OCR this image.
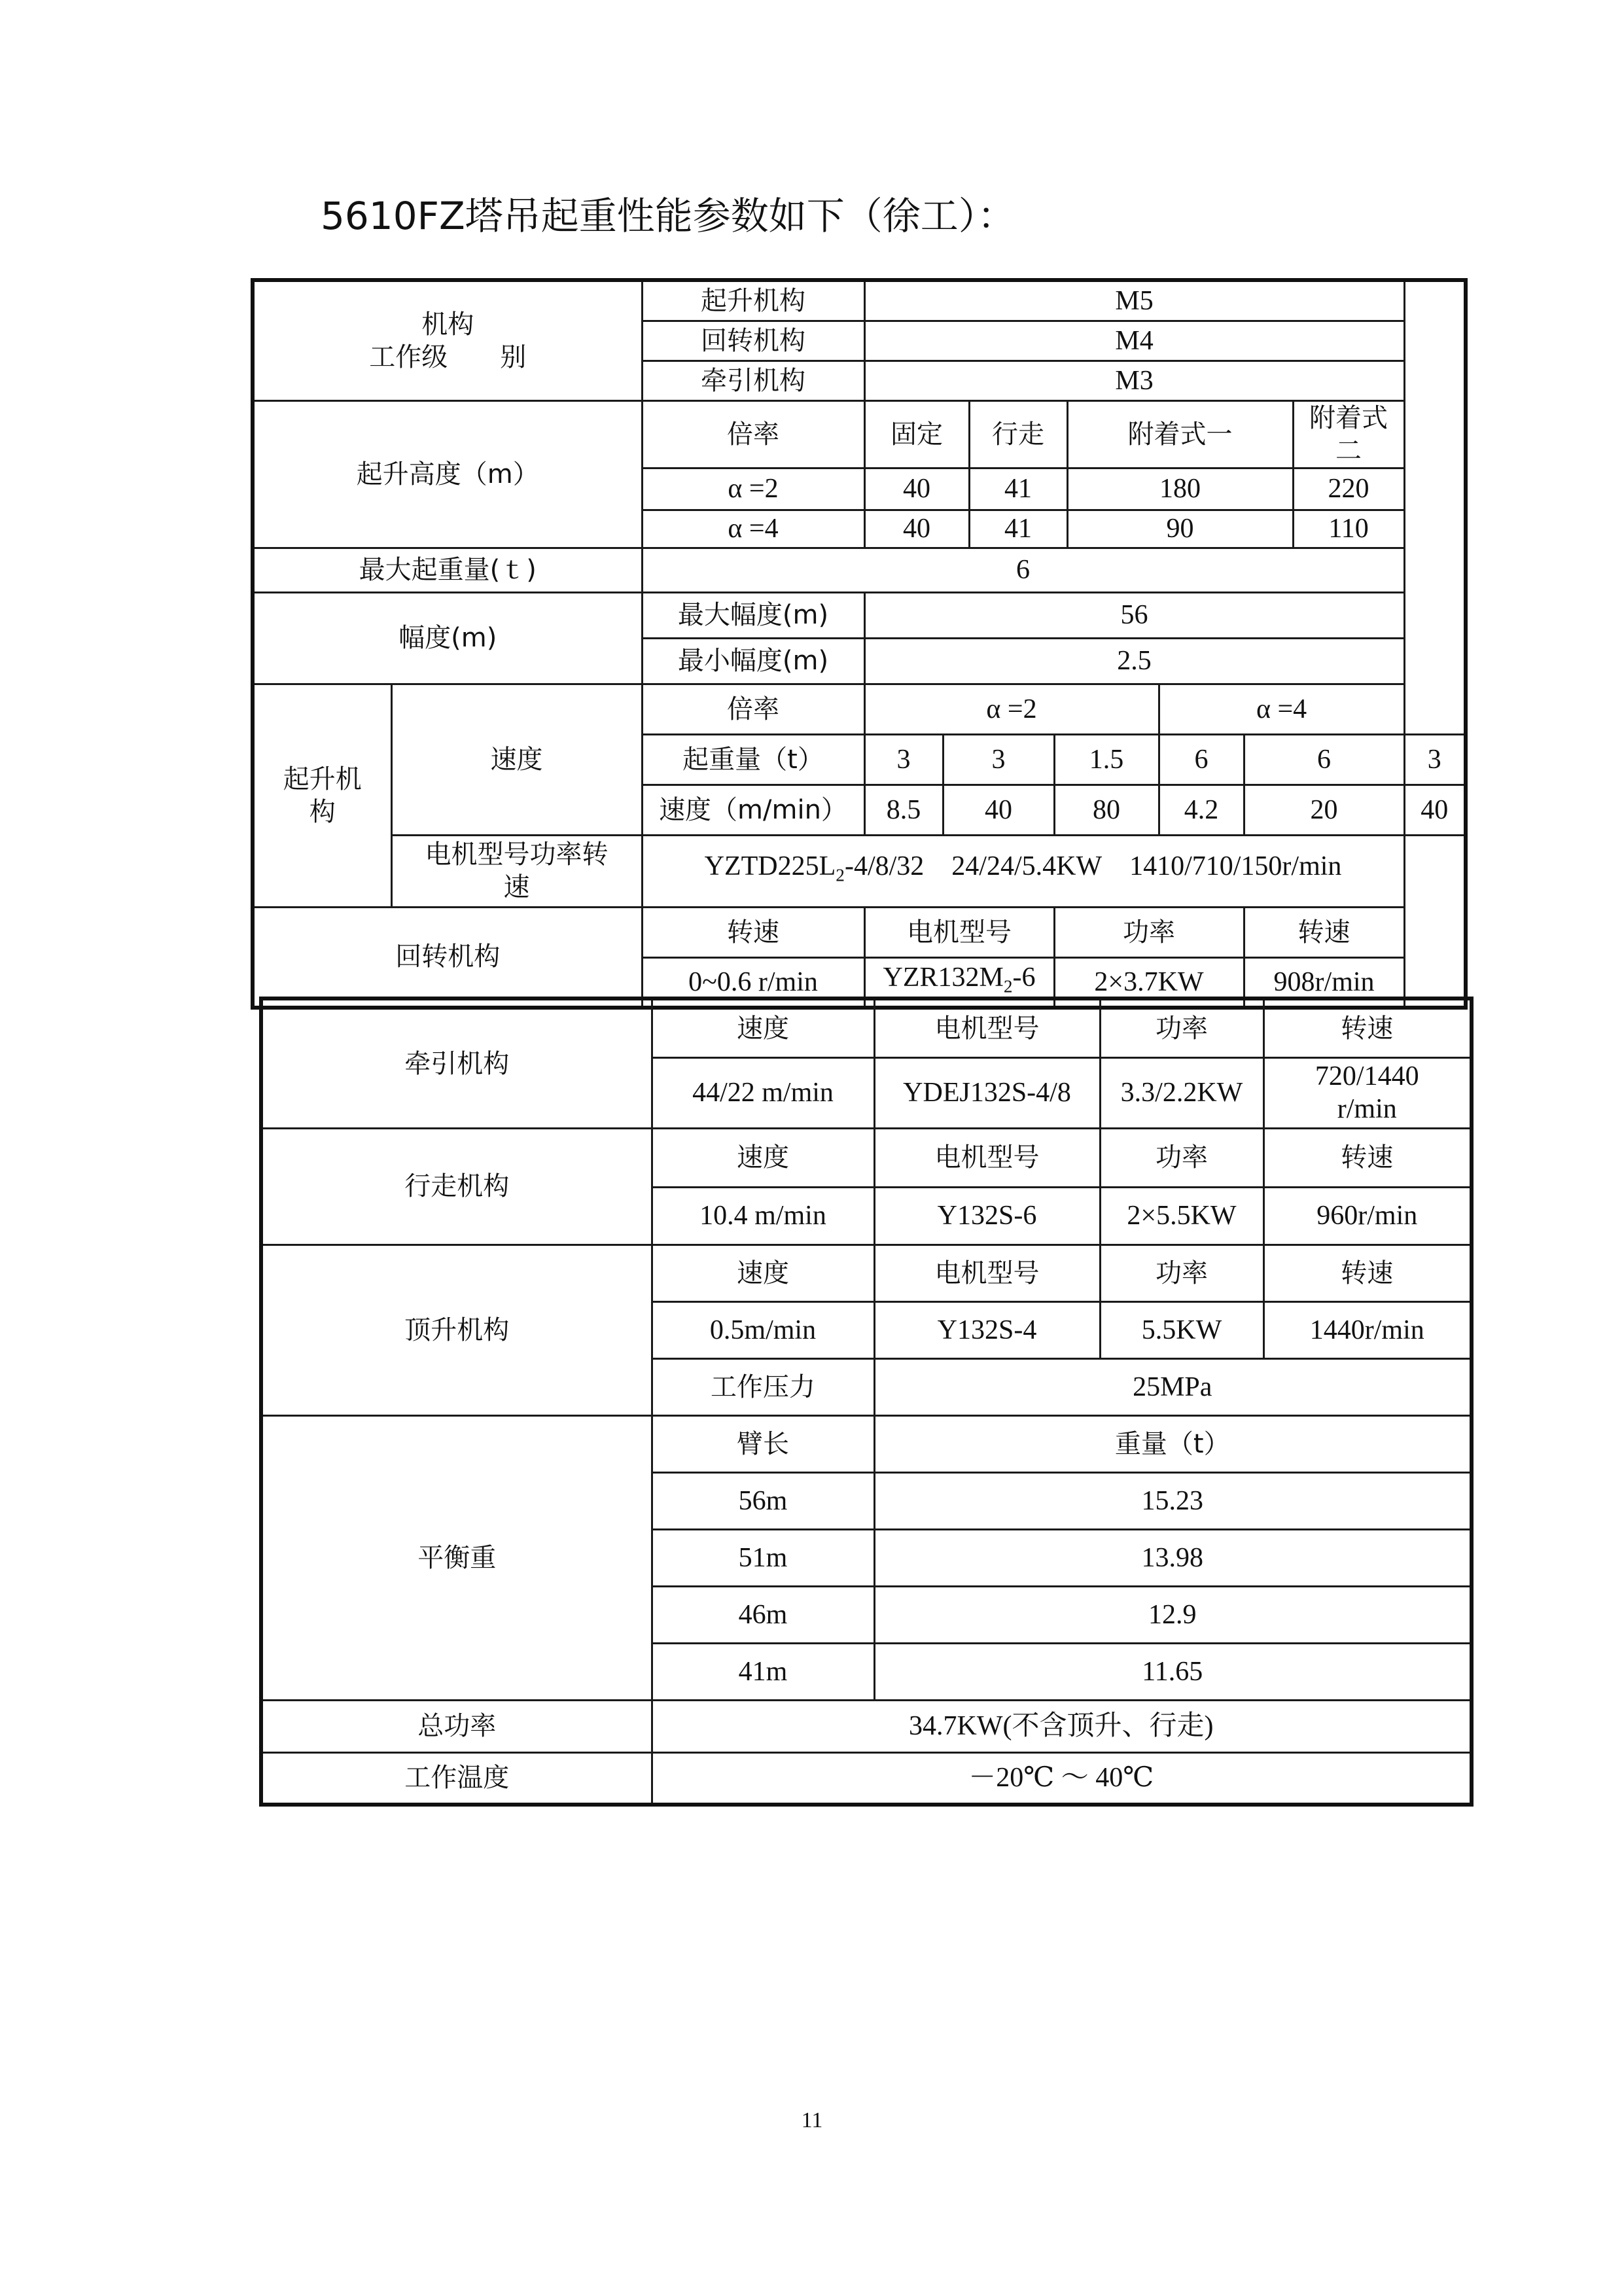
5610FZ塔吊起重性能参数如下（徐工）：
机构
工作级　　别		起升机构	M5								
		回转机构	M4								
		牵引机构	M3								
起升高度（m）		倍率	固定		行走		附着式一			附着式二	
		α =2	40		41		180			220	
		α =4	40		41		90			110	
最大起重量(ｔ)		6									
幅度(m)		最大幅度(m)	56								
		最小幅度(m)	2.5								

起升机
构	速度	倍率	α =2					α =4			
		起重量（t）	3	3		1.5		6	6		3
		速度（m/min）	8.5	40		80		4.2	20		40

	电机型号功率转
速	$YZTD225L_2-4/8/32$ 24/24/5.4KW 1410/710/150r/min									
回转机构		转速	电机型号			功率			转速		
		0~0.6 r/min	$YZR132M_2-6$			2×3.7KW			908r/min		
牵引机构	速度	电机型号	功率	转速
	44/22 m/min	YDEJ132S-4/8	3.3/2.2KW	720/1440
r/min

行走机构	速度	电机型号	功率	转速
	10.4 m/min	Y132S-6	2×5.5KW	960r/min
顶升机构	速度	电机型号	功率	转速
	0.5m/min	Y132S-4	5.5KW	1440r/min
	工作压力	25MPa		
平衡重	臂长	重量（t）		
	56m	15.23		
	51m	13.98		
	46m	12.9		
	41m	11.65		
总功率	34.7KW(不含顶升、行走)			
工作温度	－20℃ ～ 40℃			
11
